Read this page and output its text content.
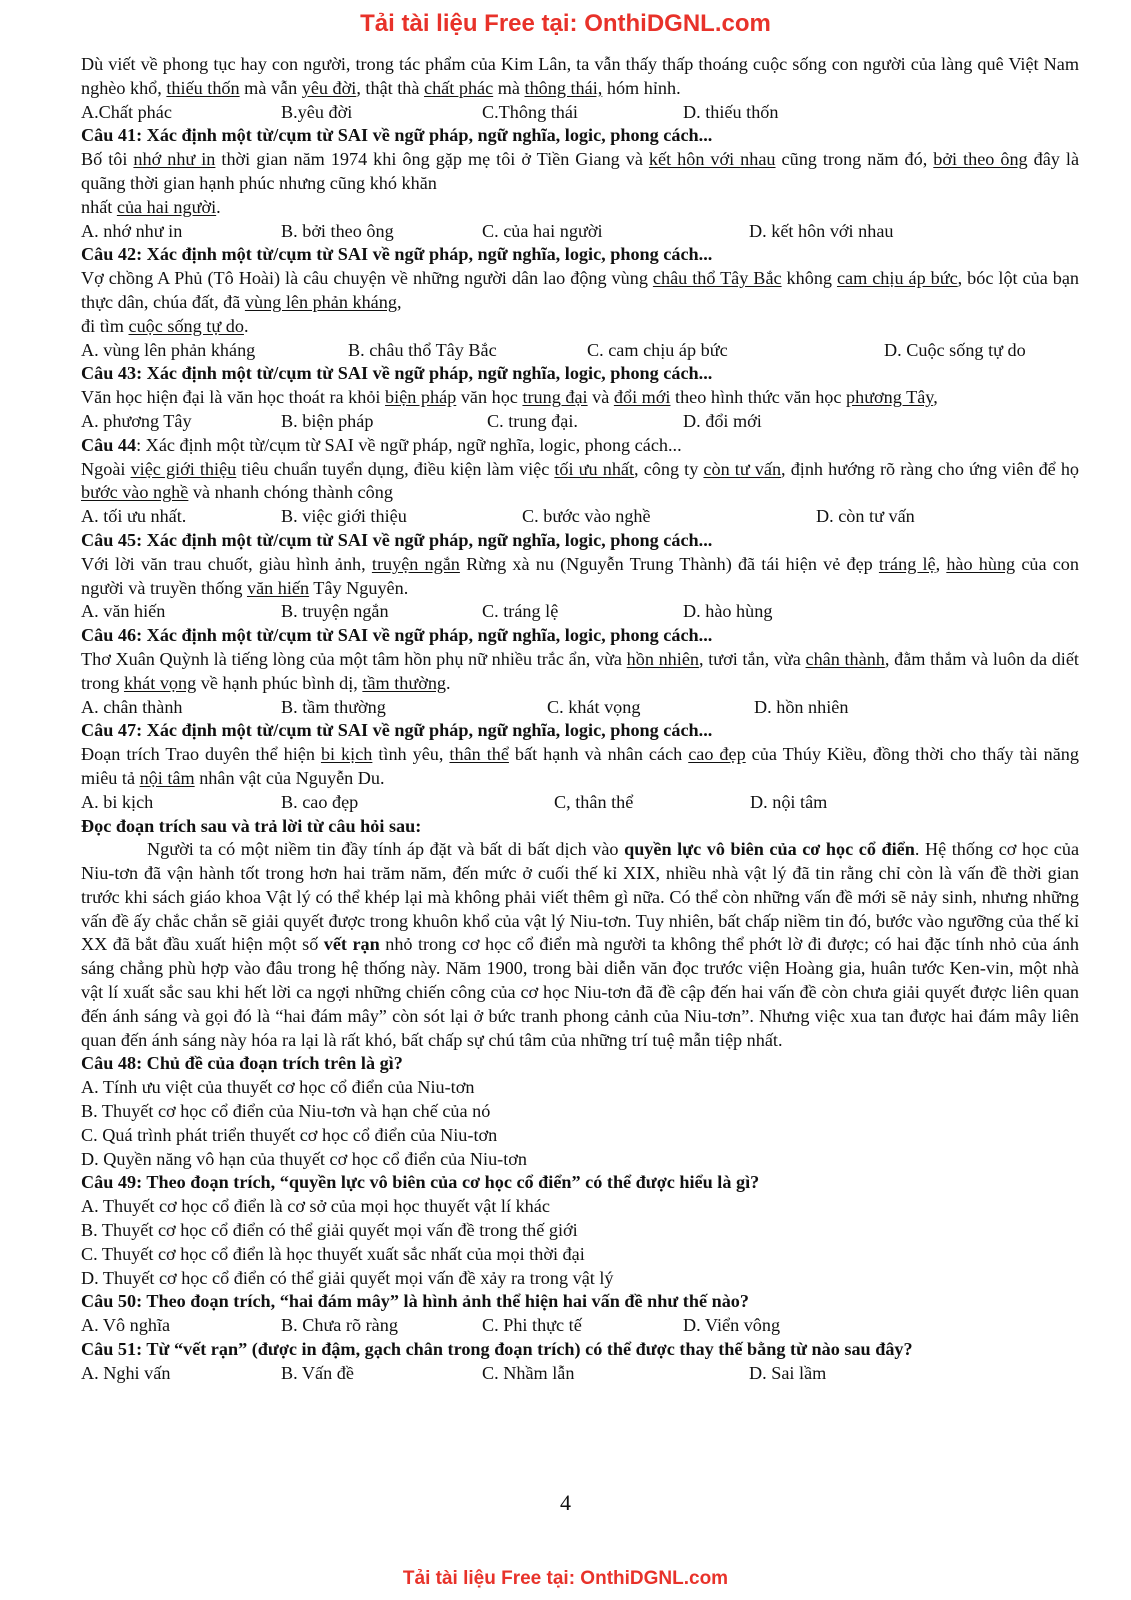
Tải tài liệu Free tại: OnthiDGNL.com

Dù viết về phong tục hay con người, trong tác phẩm của Kim Lân, ta vẫn thấy thấp thoáng cuộc sống con người của làng quê Việt Nam nghèo khổ, thiếu thốn mà vẫn yêu đời, thật thà chất phác mà thông thái, hóm hỉnh.

A.Chất phác	B.yêu đời	C.Thông thái	D. thiếu thốn

Câu 41: Xác định một từ/cụm từ SAI về ngữ pháp, ngữ nghĩa, logic, phong cách...

Bố tôi nhớ như in thời gian năm 1974 khi ông gặp mẹ tôi ở Tiền Giang và kết hôn với nhau cũng trong năm đó, bởi theo ông đây là quãng thời gian hạnh phúc nhưng cũng khó khăn

nhất của hai người.

A. nhớ như in	B. bởi theo ông	C. của hai người	D. kết hôn với nhau

Câu 42: Xác định một từ/cụm từ SAI về ngữ pháp, ngữ nghĩa, logic, phong cách...

Vợ chồng A Phủ (Tô Hoài) là câu chuyện về những người dân lao động vùng châu thổ Tây Bắc không cam chịu áp bức, bóc lột của bạn thực dân, chúa đất, đã vùng lên phản kháng,

đi tìm cuộc sống tự do.

A. vùng lên phản kháng	B. châu thổ Tây Bắc	C. cam chịu áp bức	D. Cuộc sống tự do

Câu 43: Xác định một từ/cụm từ SAI về ngữ pháp, ngữ nghĩa, logic, phong cách...

Văn học hiện đại là văn học thoát ra khỏi biện pháp văn học trung đại và đổi mới theo hình thức văn học phương Tây,

A. phương Tây	B. biện pháp	C. trung đại.	D. đổi mới

Câu 44: Xác định một từ/cụm từ SAI về ngữ pháp, ngữ nghĩa, logic, phong cách...

Ngoài việc giới thiệu tiêu chuẩn tuyển dụng, điều kiện làm việc tối ưu nhất, công ty còn tư vấn, định hướng rõ ràng cho ứng viên để họ bước vào nghề và nhanh chóng thành công

A. tối ưu nhất.	B. việc giới thiệu	C. bước vào nghề	D. còn tư vấn

Câu 45: Xác định một từ/cụm từ SAI về ngữ pháp, ngữ nghĩa, logic, phong cách...

Với lời văn trau chuốt, giàu hình ảnh, truyện ngắn Rừng xà nu (Nguyễn Trung Thành) đã tái hiện vẻ đẹp tráng lệ, hào hùng của con người và truyền thống văn hiến Tây Nguyên.

A. văn hiến	B. truyện ngắn	C. tráng lệ	D. hào hùng

Câu 46: Xác định một từ/cụm từ SAI về ngữ pháp, ngữ nghĩa, logic, phong cách...

Thơ Xuân Quỳnh là tiếng lòng của một tâm hồn phụ nữ nhiều trắc ẩn, vừa hồn nhiên, tươi tắn, vừa chân thành, đằm thắm và luôn da diết trong khát vọng về hạnh phúc bình dị, tầm thường.

A. chân thành	B. tầm thường	C. khát vọng	D. hồn nhiên

Câu 47: Xác định một từ/cụm từ SAI về ngữ pháp, ngữ nghĩa, logic, phong cách...

Đoạn trích Trao duyên thể hiện bi kịch tình yêu, thân thể bất hạnh và nhân cách cao đẹp của Thúy Kiều, đồng thời cho thấy tài năng miêu tả nội tâm nhân vật của Nguyễn Du.

A. bi kịch	B. cao đẹp	C, thân thể	D. nội tâm

Đọc đoạn trích sau và trả lời từ câu hỏi sau:

Người ta có một niềm tin đầy tính áp đặt và bất di bất dịch vào quyền lực vô biên của cơ học cổ điển. Hệ thống cơ học của Niu-tơn đã vận hành tốt trong hơn hai trăm năm, đến mức ở cuối thế kỉ XIX, nhiều nhà vật lý đã tin rằng chỉ còn là vấn đề thời gian trước khi sách giáo khoa Vật lý có thể khép lại mà không phải viết thêm gì nữa. Có thể còn những vấn đề mới sẽ nảy sinh, nhưng những vấn đề ấy chắc chắn sẽ giải quyết được trong khuôn khổ của vật lý Niu-tơn. Tuy nhiên, bất chấp niềm tin đó, bước vào ngưỡng của thế kỉ XX đã bắt đầu xuất hiện một số vết rạn nhỏ trong cơ học cổ điển mà người ta không thể phớt lờ đi được; có hai đặc tính nhỏ của ánh sáng chẳng phù hợp vào đâu trong hệ thống này. Năm 1900, trong bài diễn văn đọc trước viện Hoàng gia, huân tước Ken-vin, một nhà vật lí xuất sắc sau khi hết lời ca ngợi những chiến công của cơ học Niu-tơn đã đề cập đến hai vấn đề còn chưa giải quyết được liên quan đến ánh sáng và gọi đó là “hai đám mây” còn sót lại ở bức tranh phong cảnh của Niu-tơn”. Nhưng việc xua tan được hai đám mây liên quan đến ánh sáng này hóa ra lại là rất khó, bất chấp sự chú tâm của những trí tuệ mẫn tiệp nhất.

Câu 48: Chủ đề của đoạn trích trên là gì?

A. Tính ưu việt của thuyết cơ học cổ điển của Niu-tơn

B. Thuyết cơ học cổ điển của Niu-tơn và hạn chế của nó

C. Quá trình phát triển thuyết cơ học cổ điển của Niu-tơn

D. Quyền năng vô hạn của thuyết cơ học cổ điển của Niu-tơn

Câu 49: Theo đoạn trích, “quyền lực vô biên của cơ học cổ điển” có thể được hiểu là gì?

A. Thuyết cơ học cổ điển là cơ sở của mọi học thuyết vật lí khác

B. Thuyết cơ học cổ điển có thể giải quyết mọi vấn đề trong thế giới

C. Thuyết cơ học cổ điển là học thuyết xuất sắc nhất của mọi thời đại

D. Thuyết cơ học cổ điển có thể giải quyết mọi vấn đề xảy ra trong vật lý

Câu 50: Theo đoạn trích, “hai đám mây” là hình ảnh thể hiện hai vấn đề như thế nào?

A. Vô nghĩa	B. Chưa rõ ràng	C. Phi thực tế	D. Viển vông

Câu 51: Từ “vết rạn” (được in đậm, gạch chân trong đoạn trích) có thể được thay thế bằng từ nào sau đây?

A. Nghi vấn	B. Vấn đề	C. Nhầm lẫn	D. Sai lầm
4
Tải tài liệu Free tại: OnthiDGNL.com
